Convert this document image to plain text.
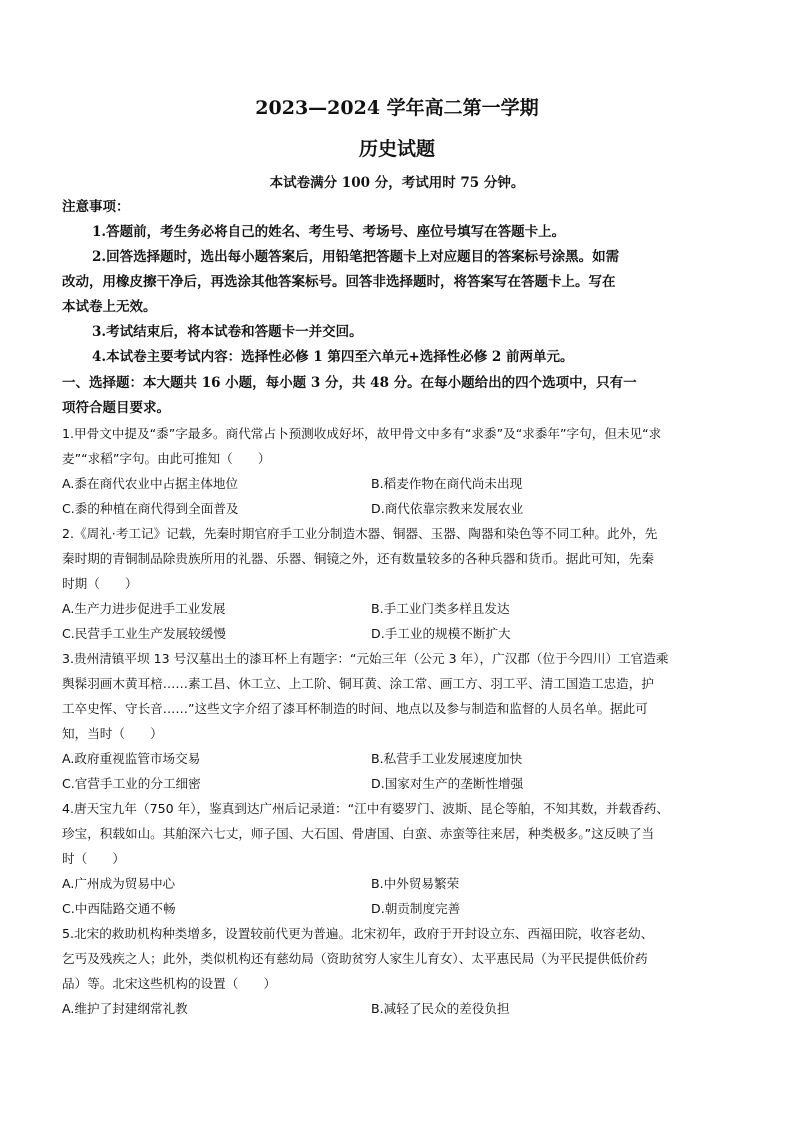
2023—2024 学年高二第一学期
历史试题
本试卷满分 100 分，考试用时 75 分钟。
注意事项：
1.答题前，考生务必将自己的姓名、考生号、考场号、座位号填写在答题卡上。
2.回答选择题时，选出每小题答案后，用铅笔把答题卡上对应题目的答案标号涂黑。如需
改动，用橡皮擦干净后，再选涂其他答案标号。回答非选择题时，将答案写在答题卡上。写在
本试卷上无效。
3.考试结束后，将本试卷和答题卡一并交回。
4.本试卷主要考试内容：选择性必修 1 第四至六单元+选择性必修 2 前两单元。
一、选择题：本大题共 16 小题，每小题 3 分，共 48 分。在每小题给出的四个选项中，只有一
项符合题目要求。
1.甲骨文中提及“黍”字最多。商代常占卜预测收成好坏，故甲骨文中多有“求黍”及“求黍年”字句，但未见“求
麦”“求稻”字句。由此可推知（　　）
A.黍在商代农业中占据主体地位	B.稻麦作物在商代尚未出现
C.黍的种植在商代得到全面普及	D.商代依靠宗教来发展农业
2.《周礼·考工记》记载，先秦时期官府手工业分制造木器、铜器、玉器、陶器和染色等不同工种。此外，先
秦时期的青铜制品除贵族所用的礼器、乐器、铜镜之外，还有数量较多的各种兵器和货币。据此可知，先秦
时期（　　）
A.生产力进步促进手工业发展	B.手工业门类多样且发达
C.民营手工业生产发展较缓慢	D.手工业的规模不断扩大
3.贵州清镇平坝 13 号汉墓出土的漆耳杯上有题字：“元始三年（公元 3 年），广汉郡（位于今四川）工官造乘
舆髹羽画木黄耳棓……素工昌、休工立、上工阶、铜耳黄、涂工常、画工方、羽工平、清工国造工忠造，护
工卒史恽、守长音……”这些文字介绍了漆耳杯制造的时间、地点以及参与制造和监督的人员名单。据此可
知，当时（　　）
A.政府重视监管市场交易	B.私营手工业发展速度加快
C.官营手工业的分工细密	D.国家对生产的垄断性增强
4.唐天宝九年（750 年），鉴真到达广州后记录道：“江中有婆罗门、波斯、昆仑等舶，不知其数，并载香药、
珍宝，积载如山。其舶深六七丈，师子国、大石国、骨唐国、白蛮、赤蛮等往来居，种类极多。”这反映了当
时（　　）
A.广州成为贸易中心	B.中外贸易繁荣
C.中西陆路交通不畅	D.朝贡制度完善
5.北宋的救助机构种类增多，设置较前代更为普遍。北宋初年，政府于开封设立东、西福田院，收容老幼、
乞丐及残疾之人；此外，类似机构还有慈幼局（资助贫穷人家生儿育女）、太平惠民局（为平民提供低价药
品）等。北宋这些机构的设置（　　）
A.维护了封建纲常礼教	B.减轻了民众的差役负担
